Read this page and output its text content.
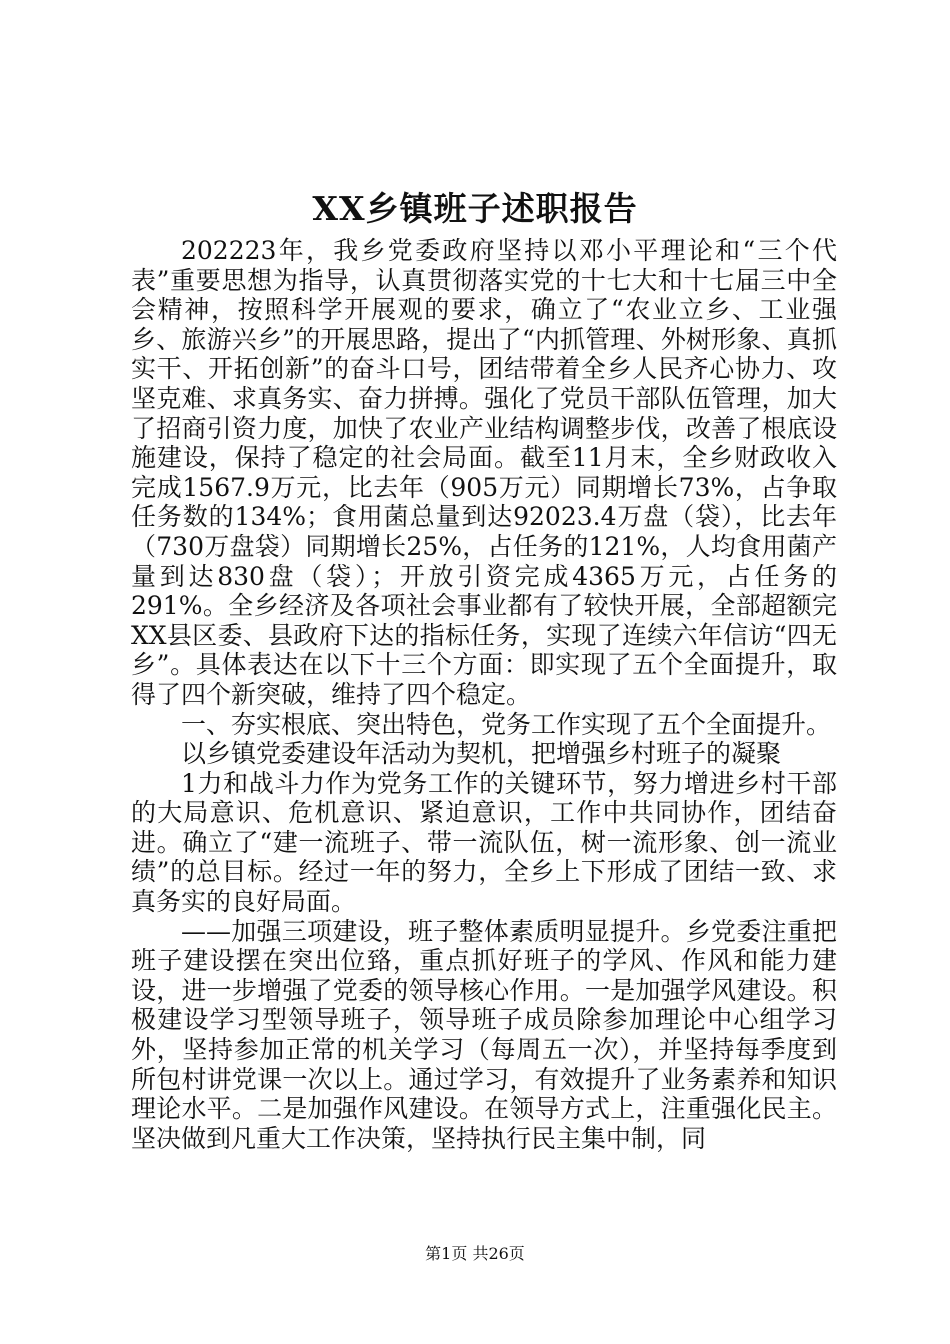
XX乡镇班子述职报告

202223年，我乡党委政府坚持以邓小平理论和“三个代表”重要思想为指导，认真贯彻落实党的十七大和十七届三中全会精神，按照科学开展观的要求，确立了“农业立乡、工业强乡、旅游兴乡”的开展思路，提出了“内抓管理、外树形象、真抓实干、开拓创新”的奋斗口号，团结带着全乡人民齐心协力、攻坚克难、求真务实、奋力拼搏。强化了党员干部队伍管理，加大了招商引资力度，加快了农业产业结构调整步伐，改善了根底设施建设，保持了稳定的社会局面。截至11月末，全乡财政收入完成1567.9万元，比去年（905万元）同期增长73%，占争取任务数的134%；食用菌总量到达92023.4万盘（袋），比去年（730万盘袋）同期增长25%，占任务的121%，人均食用菌产量到达830盘（袋）；开放引资完成4365万元，占任务的291%。全乡经济及各项社会事业都有了较快开展，全部超额完XX县区委、县政府下达的指标任务，实现了连续六年信访“四无乡”。具体表达在以下十三个方面：即实现了五个全面提升，取得了四个新突破，维持了四个稳定。

一、夯实根底、突出特色，党务工作实现了五个全面提升。

以乡镇党委建设年活动为契机，把增强乡村班子的凝聚

1力和战斗力作为党务工作的关键环节，努力增进乡村干部的大局意识、危机意识、紧迫意识，工作中共同协作，团结奋进。确立了“建一流班子、带一流队伍，树一流形象、创一流业绩”的总目标。经过一年的努力，全乡上下形成了团结一致、求真务实的良好局面。

——加强三项建设，班子整体素质明显提升。乡党委注重把班子建设摆在突出位臵，重点抓好班子的学风、作风和能力建设，进一步增强了党委的领导核心作用。一是加强学风建设。积极建设学习型领导班子，领导班子成员除参加理论中心组学习外，坚持参加正常的机关学习（每周五一次），并坚持每季度到所包村讲党课一次以上。通过学习，有效提升了业务素养和知识理论水平。二是加强作风建设。在领导方式上，注重强化民主。坚决做到凡重大工作决策，坚持执行民主集中制，同

第1页 共26页
